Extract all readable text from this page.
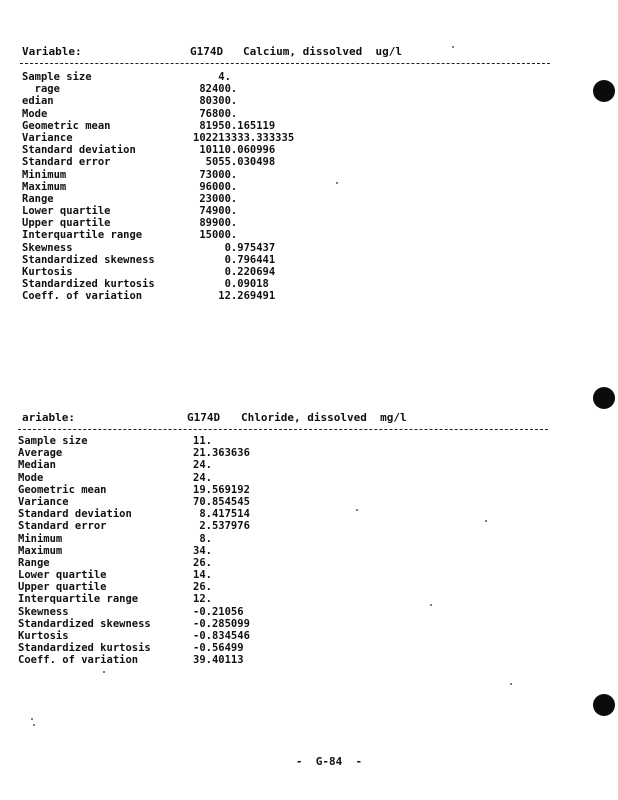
Variable:	G174D Calcium, dissolved  ug/l
Sample size	4.
rage	82400.
edian	80300.
Mode	76800.
Geometric mean	81950.165119
Variance	102213333.333335
Standard deviation	10110.060996
Standard error	5055.030498
Minimum	73000.
Maximum	96000.
Range	23000.
Lower quartile	74900.
Upper quartile	89900.
Interquartile range	15000.
Skewness	0.975437
Standardized skewness	0.796441
Kurtosis	0.220694
Standardized kurtosis	0.09018
Coeff. of variation	12.269491
ariable:	G174D Chloride, dissolved  mg/l
Sample size	11.
Average	21.363636
Median	24.
Mode	24.
Geometric mean	19.569192
Variance	70.854545
Standard deviation	8.417514
Standard error	2.537976
Minimum	8.
Maximum	34.
Range	26.
Lower quartile	14.
Upper quartile	26.
Interquartile range	12.
Skewness	-0.21056
Standardized skewness	-0.285099
Kurtosis	-0.834546
Standardized kurtosis	-0.56499
Coeff. of variation	39.40113
-  G-84  -
